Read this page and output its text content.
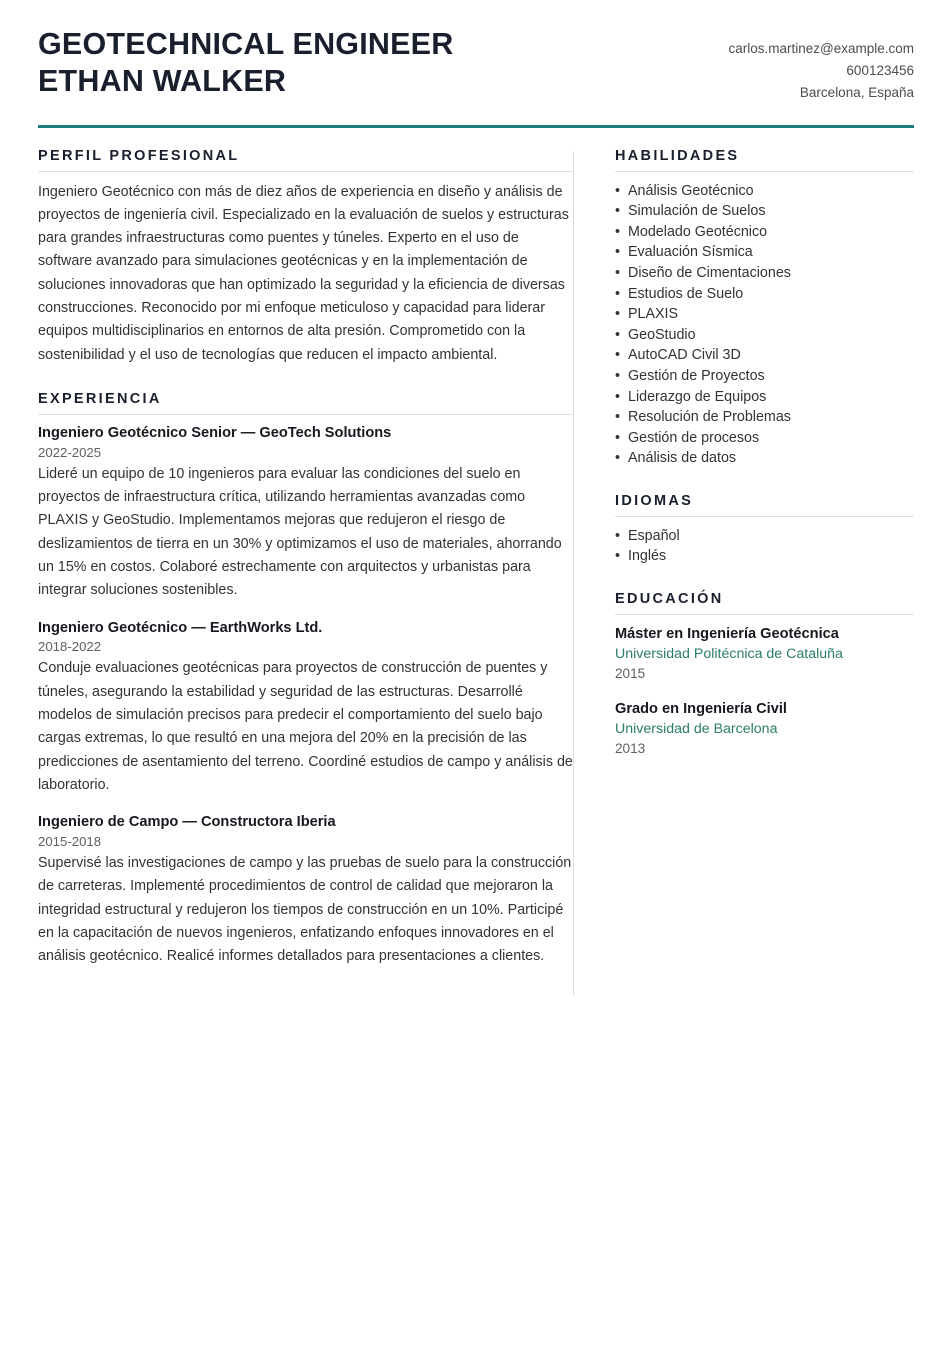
GEOTECHNICAL ENGINEER
ETHAN WALKER
carlos.martinez@example.com
600123456
Barcelona, España
PERFIL PROFESIONAL

Ingeniero Geotécnico con más de diez años de experiencia en diseño y análisis de proyectos de ingeniería civil. Especializado en la evaluación de suelos y estructuras para grandes infraestructuras como puentes y túneles. Experto en el uso de software avanzado para simulaciones geotécnicas y en la implementación de soluciones innovadoras que han optimizado la seguridad y la eficiencia de diversas construcciones. Reconocido por mi enfoque meticuloso y capacidad para liderar equipos multidisciplinarios en entornos de alta presión. Comprometido con la sostenibilidad y el uso de tecnologías que reducen el impacto ambiental.

EXPERIENCIA

Ingeniero Geotécnico Senior — GeoTech Solutions

2022-2025

Lideré un equipo de 10 ingenieros para evaluar las condiciones del suelo en proyectos de infraestructura crítica, utilizando herramientas avanzadas como PLAXIS y GeoStudio. Implementamos mejoras que redujeron el riesgo de deslizamientos de tierra en un 30% y optimizamos el uso de materiales, ahorrando un 15% en costos. Colaboré estrechamente con arquitectos y urbanistas para integrar soluciones sostenibles.

Ingeniero Geotécnico — EarthWorks Ltd.

2018-2022

Conduje evaluaciones geotécnicas para proyectos de construcción de puentes y túneles, asegurando la estabilidad y seguridad de las estructuras. Desarrollé modelos de simulación precisos para predecir el comportamiento del suelo bajo cargas extremas, lo que resultó en una mejora del 20% en la precisión de las predicciones de asentamiento del terreno. Coordiné estudios de campo y análisis de laboratorio.

Ingeniero de Campo — Constructora Iberia

2015-2018

Supervisé las investigaciones de campo y las pruebas de suelo para la construcción de carreteras. Implementé procedimientos de control de calidad que mejoraron la integridad estructural y redujeron los tiempos de construcción en un 10%. Participé en la capacitación de nuevos ingenieros, enfatizando enfoques innovadores en el análisis geotécnico. Realicé informes detallados para presentaciones a clientes.

HABILIDADES
• Análisis Geotécnico
• Simulación de Suelos
• Modelado Geotécnico
• Evaluación Sísmica
• Diseño de Cimentaciones
• Estudios de Suelo
• PLAXIS
• GeoStudio
• AutoCAD Civil 3D
• Gestión de Proyectos
• Liderazgo de Equipos
• Resolución de Problemas
• Gestión de procesos
• Análisis de datos
IDIOMAS
• Español
• Inglés
EDUCACIÓN

Máster en Ingeniería Geotécnica

Universidad Politécnica de Cataluña

2015

Grado en Ingeniería Civil

Universidad de Barcelona

2013
